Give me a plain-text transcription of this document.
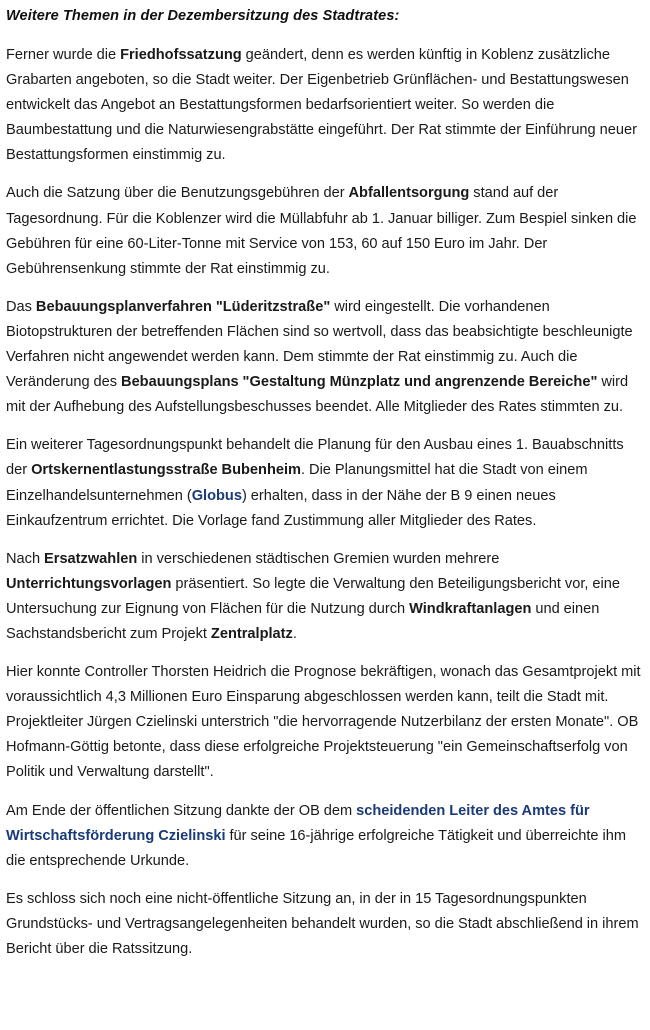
Weitere Themen in der Dezembersitzung des Stadtrates:

Ferner wurde die Friedhofssatzung geändert, denn es werden künftig in Koblenz zusätzliche Grabarten angeboten, so die Stadt weiter. Der Eigenbetrieb Grünflächen- und Bestattungswesen entwickelt das Angebot an Bestattungsformen bedarfsorientiert weiter. So werden die Baumbestattung und die Naturwiesengrabstätte eingeführt. Der Rat stimmte der Einführung neuer Bestattungsformen einstimmig zu.

Auch die Satzung über die Benutzungsgebühren der Abfallentsorgung stand auf der Tagesordnung. Für die Koblenzer wird die Müllabfuhr ab 1. Januar billiger. Zum Bespiel sinken die Gebühren für eine 60-Liter-Tonne mit Service von 153, 60 auf 150 Euro im Jahr. Der Gebührensenkung stimmte der Rat einstimmig zu.

Das Bebauungsplanverfahren "Lüderitzstraße" wird eingestellt. Die vorhandenen Biotopstrukturen der betreffenden Flächen sind so wertvoll, dass das beabsichtigte beschleunigte Verfahren nicht angewendet werden kann. Dem stimmte der Rat einstimmig zu. Auch die Veränderung des Bebauungsplans "Gestaltung Münzplatz und angrenzende Bereiche" wird mit der Aufhebung des Aufstellungsbeschusses beendet. Alle Mitglieder des Rates stimmten zu.

Ein weiterer Tagesordnungspunkt behandelt die Planung für den Ausbau eines 1. Bauabschnitts der Ortskernentlastungsstraße Bubenheim. Die Planungsmittel hat die Stadt von einem Einzelhandelsunternehmen (Globus) erhalten, dass in der Nähe der B 9 einen neues Einkaufzentrum errichtet. Die Vorlage fand Zustimmung aller Mitglieder des Rates.

Nach Ersatzwahlen in verschiedenen städtischen Gremien wurden mehrere Unterrichtungsvorlagen präsentiert. So legte die Verwaltung den Beteiligungsbericht vor, eine Untersuchung zur Eignung von Flächen für die Nutzung durch Windkraftanlagen und einen Sachstandsbericht zum Projekt Zentralplatz.

Hier konnte Controller Thorsten Heidrich die Prognose bekräftigen, wonach das Gesamtprojekt mit voraussichtlich 4,3 Millionen Euro Einsparung abgeschlossen werden kann, teilt die Stadt mit. Projektleiter Jürgen Czielinski unterstrich "die hervorragende Nutzerbilanz der ersten Monate". OB Hofmann-Göttig betonte, dass diese erfolgreiche Projektsteuerung "ein Gemeinschaftserfolg von Politik und Verwaltung darstellt".

Am Ende der öffentlichen Sitzung dankte der OB dem scheidenden Leiter des Amtes für Wirtschaftsförderung Czielinski für seine 16-jährige erfolgreiche Tätigkeit und überreichte ihm die entsprechende Urkunde.

Es schloss sich noch eine nicht-öffentliche Sitzung an, in der in 15 Tagesordnungspunkten Grundstücks- und Vertragsangelegenheiten behandelt wurden, so die Stadt abschließend in ihrem Bericht über die Ratssitzung.
